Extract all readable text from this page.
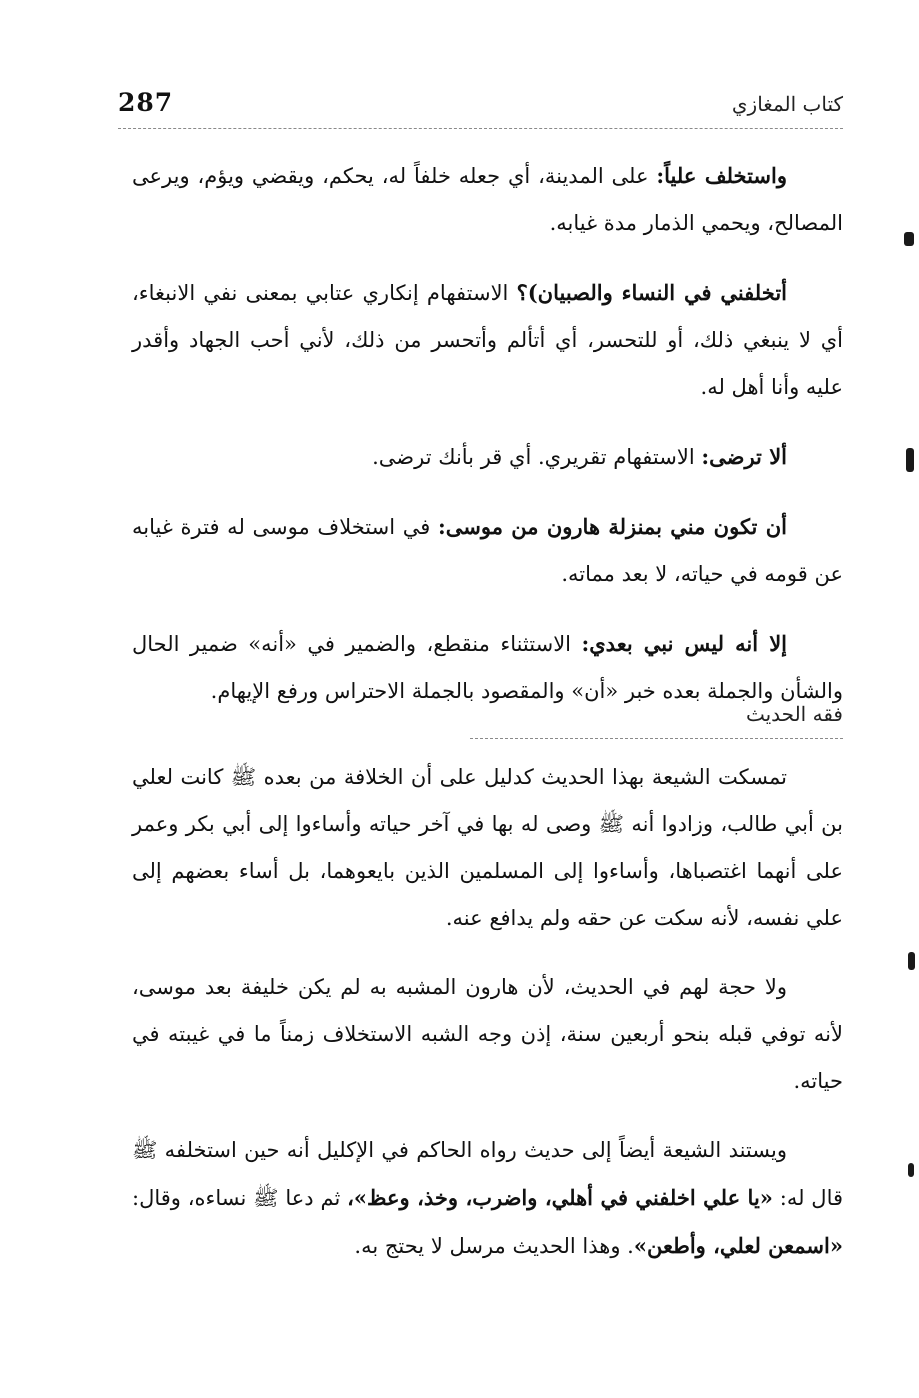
كتاب المغازي
287

واستخلف علياً: على المدينة، أي جعله خلفاً له، يحكم، ويقضي ويؤم، ويرعى المصالح، ويحمي الذمار مدة غيابه.

أتخلفني في النساء والصبيان)؟ الاستفهام إنكاري عتابي بمعنى نفي الانبغاء، أي لا ينبغي ذلك، أو للتحسر، أي أتألم وأتحسر من ذلك، لأني أحب الجهاد وأقدر عليه وأنا أهل له.

ألا ترضى: الاستفهام تقريري. أي قر بأنك ترضى.

أن تكون مني بمنزلة هارون من موسى: في استخلاف موسى له فترة غيابه عن قومه في حياته، لا بعد مماته.

إلا أنه ليس نبي بعدي: الاستثناء منقطع، والضمير في «أنه» ضمير الحال والشأن والجملة بعده خبر «أن» والمقصود بالجملة الاحتراس ورفع الإيهام.

فقه الحديث

تمسكت الشيعة بهذا الحديث كدليل على أن الخلافة من بعده ﷺ كانت لعلي بن أبي طالب، وزادوا أنه ﷺ وصى له بها في آخر حياته وأساءوا إلى أبي بكر وعمر على أنهما اغتصباها، وأساءوا إلى المسلمين الذين بايعوهما، بل أساء بعضهم إلى علي نفسه، لأنه سكت عن حقه ولم يدافع عنه.

ولا حجة لهم في الحديث، لأن هارون المشبه به لم يكن خليفة بعد موسى، لأنه توفي قبله بنحو أربعين سنة، إذن وجه الشبه الاستخلاف زمناً ما في غيبته في حياته.

ويستند الشيعة أيضاً إلى حديث رواه الحاكم في الإكليل أنه حين استخلفه ﷺ قال له: «يا علي اخلفني في أهلي، واضرب، وخذ، وعظ»، ثم دعا ﷺ نساءه، وقال: «اسمعن لعلي، وأطعن». وهذا الحديث مرسل لا يحتج به.
